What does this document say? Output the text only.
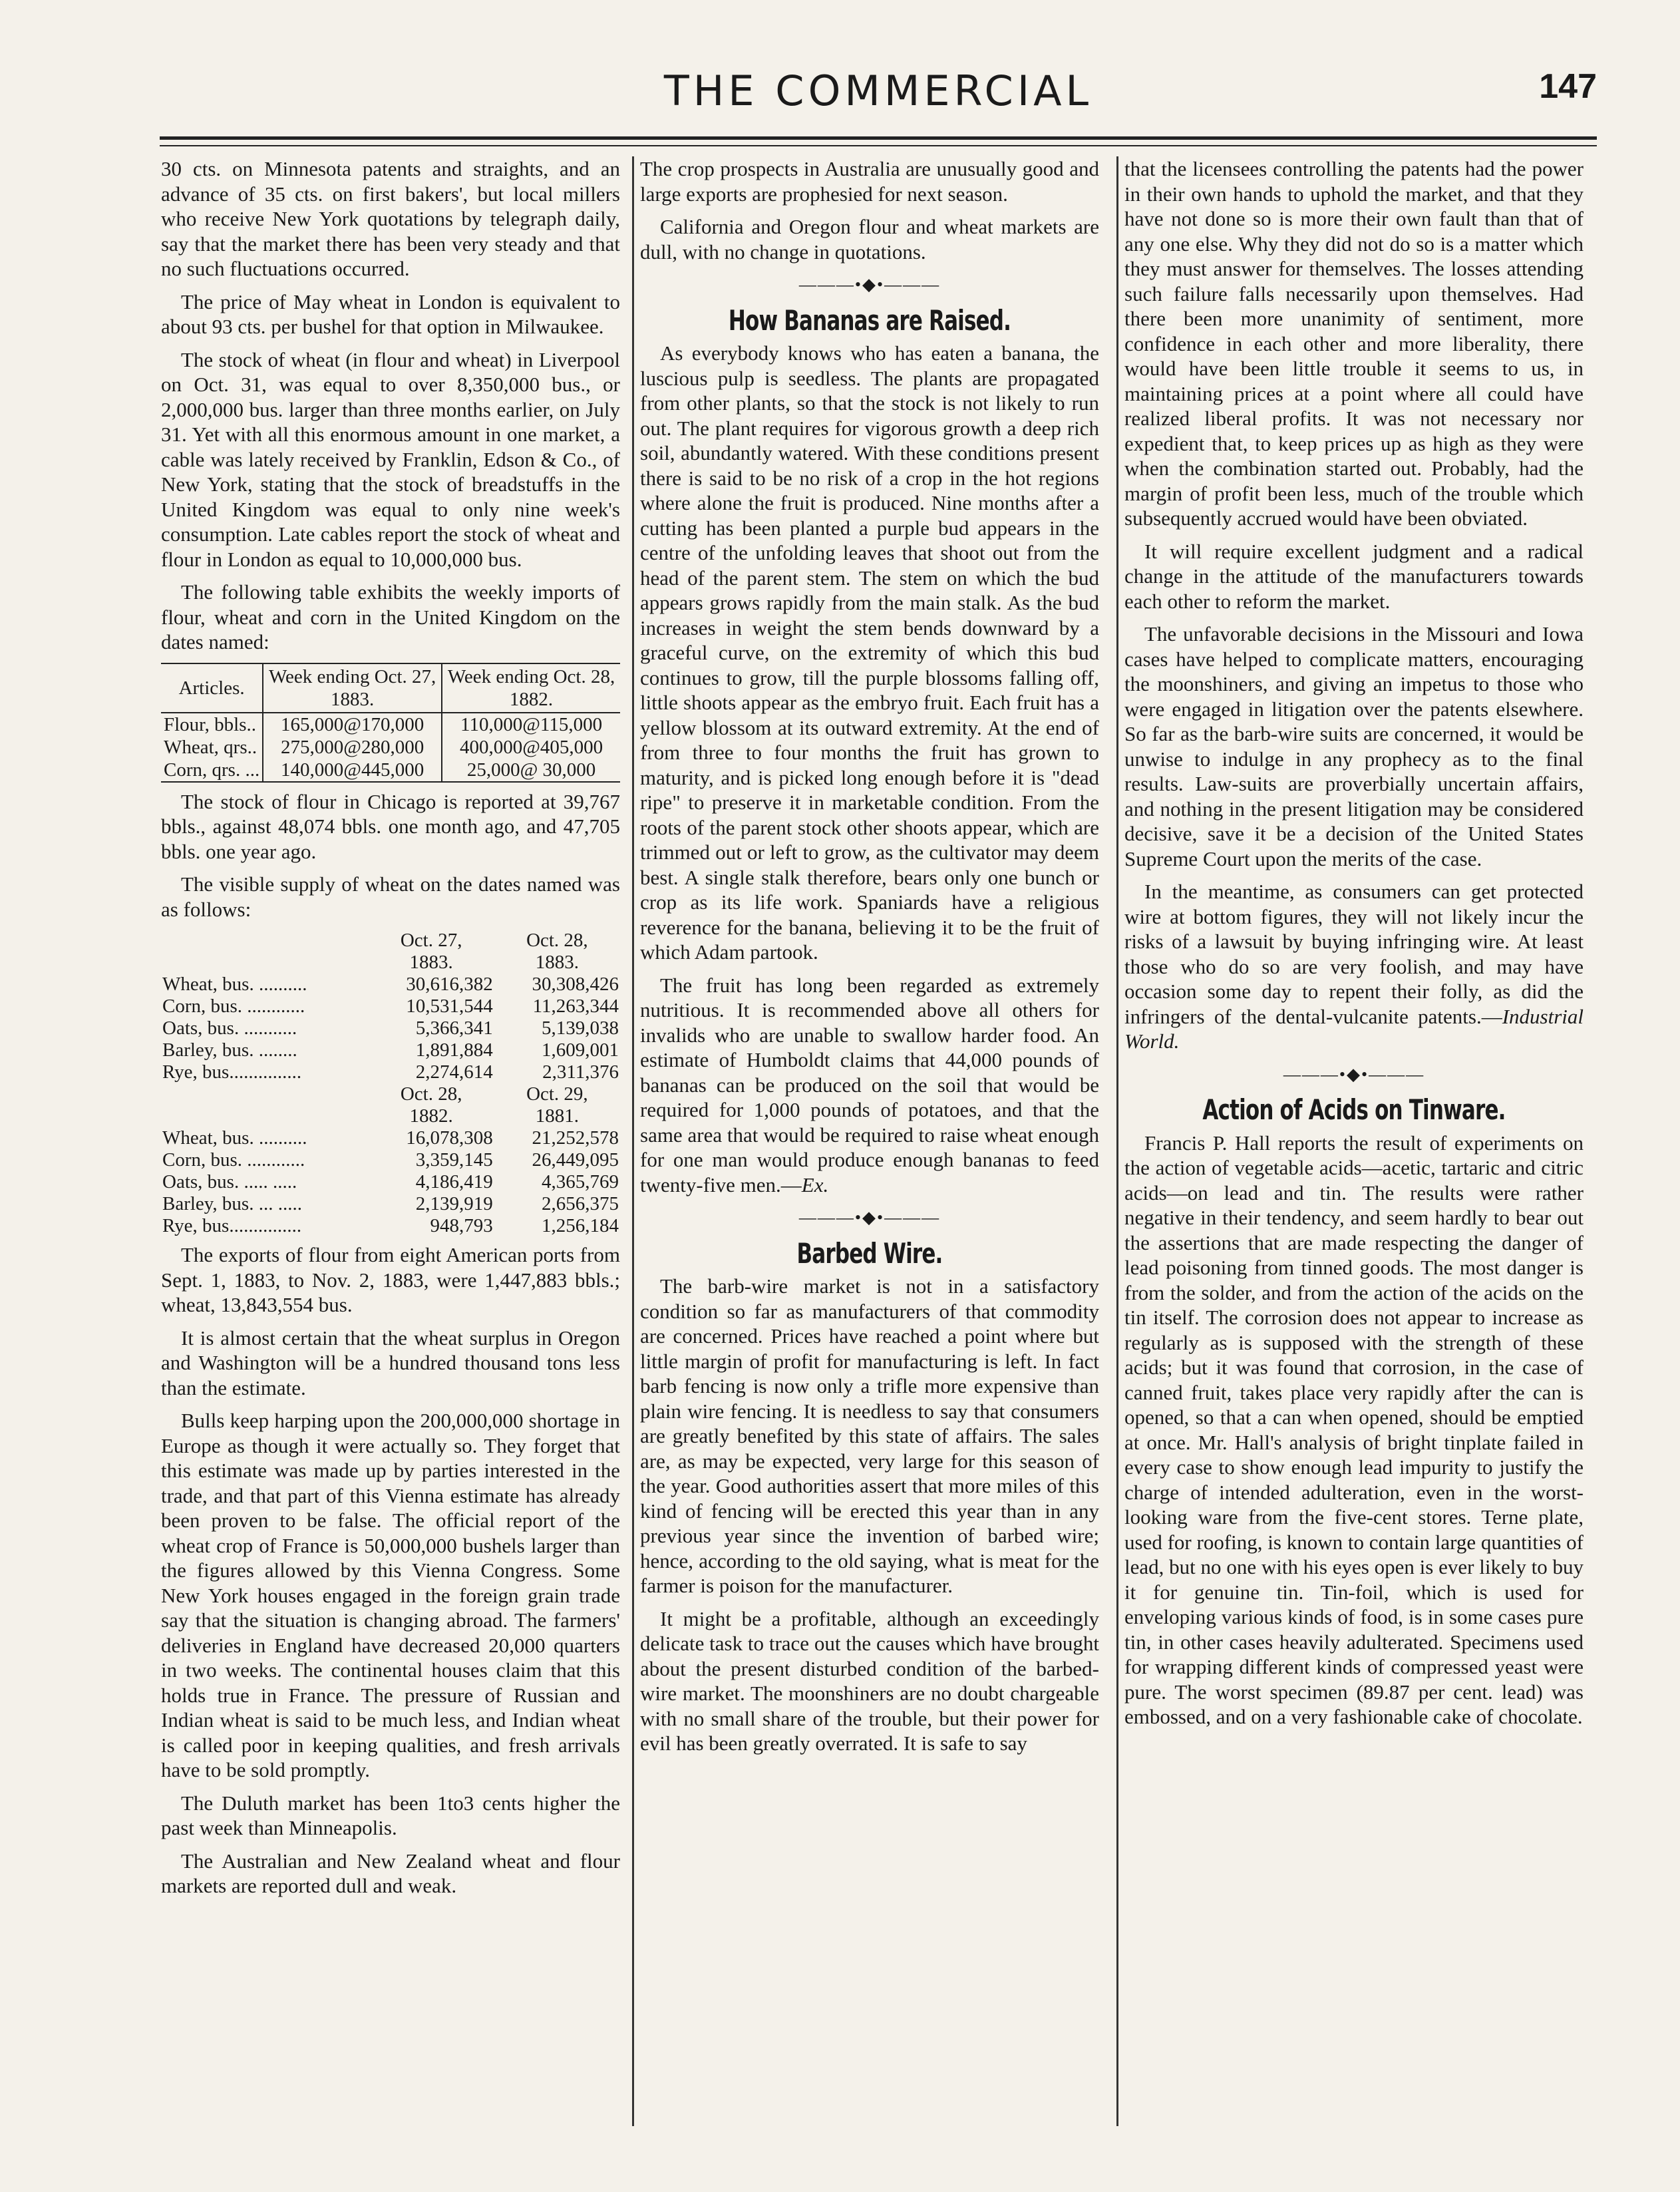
THE COMMERCIAL	147

30 cts. on Minnesota patents and straights, and an advance of 35 cts. on first bakers', but local millers who receive New York quotations by telegraph daily, say that the market there has been very steady and that no such fluctuations occurred.

The price of May wheat in London is equivalent to about 93 cts. per bushel for that option in Milwaukee.

The stock of wheat (in flour and wheat) in Liverpool on Oct. 31, was equal to over 8,350,000 bus., or 2,000,000 bus. larger than three months earlier, on July 31. Yet with all this enormous amount in one market, a cable was lately received by Franklin, Edson & Co., of New York, stating that the stock of breadstuffs in the United Kingdom was equal to only nine week's consumption. Late cables report the stock of wheat and flour in London as equal to 10,000,000 bus.

The following table exhibits the weekly imports of flour, wheat and corn in the United Kingdom on the dates named:

Articles.	Week ending Oct. 27, 1883.	Week ending Oct. 28, 1882.
Flour, bbls..	165,000@170,000	110,000@115,000
Wheat, qrs..	275,000@280,000	400,000@405,000
Corn, qrs. ...	140,000@445,000	25,000@ 30,000

The stock of flour in Chicago is reported at 39,767 bbls., against 48,074 bbls. one month ago, and 47,705 bbls. one year ago.

The visible supply of wheat on the dates named was as follows:

	Oct. 27,	Oct. 28,
	1883.	1883.
Wheat, bus. ..........	30,616,382	30,308,426
Corn, bus. ............	10,531,544	11,263,344
Oats, bus. ...........	5,366,341	5,139,038
Barley, bus. ........	1,891,884	1,609,001
Rye, bus...............	2,274,614	2,311,376
	Oct. 28,	Oct. 29,
	1882.	1881.
Wheat, bus. ..........	16,078,308	21,252,578
Corn, bus. ............	3,359,145	26,449,095
Oats, bus. ..... .....	4,186,419	4,365,769
Barley, bus. ... .....	2,139,919	2,656,375
Rye, bus...............	948,793	1,256,184

The exports of flour from eight American ports from Sept. 1, 1883, to Nov. 2, 1883, were 1,447,883 bbls.; wheat, 13,843,554 bus.

It is almost certain that the wheat surplus in Oregon and Washington will be a hundred thousand tons less than the estimate.

Bulls keep harping upon the 200,000,000 shortage in Europe as though it were actually so. They forget that this estimate was made up by parties interested in the trade, and that part of this Vienna estimate has already been proven to be false. The official report of the wheat crop of France is 50,000,000 bushels larger than the figures allowed by this Vienna Congress. Some New York houses engaged in the foreign grain trade say that the situation is changing abroad. The farmers' deliveries in England have decreased 20,000 quarters in two weeks. The continental houses claim that this holds true in France. The pressure of Russian and Indian wheat is said to be much less, and Indian wheat is called poor in keeping qualities, and fresh arrivals have to be sold promptly.

The Duluth market has been 1to3 cents higher the past week than Minneapolis.

The Australian and New Zealand wheat and flour markets are reported dull and weak.

The crop prospects in Australia are unusually good and large exports are prophesied for next season.

California and Oregon flour and wheat markets are dull, with no change in quotations.

———•◆•———
How Bananas are Raised.

As everybody knows who has eaten a banana, the luscious pulp is seedless. The plants are propagated from other plants, so that the stock is not likely to run out. The plant requires for vigorous growth a deep rich soil, abundantly watered. With these conditions present there is said to be no risk of a crop in the hot regions where alone the fruit is produced. Nine months after a cutting has been planted a purple bud appears in the centre of the unfolding leaves that shoot out from the head of the parent stem. The stem on which the bud appears grows rapidly from the main stalk. As the bud increases in weight the stem bends downward by a graceful curve, on the extremity of which this bud continues to grow, till the purple blossoms falling off, little shoots appear as the embryo fruit. Each fruit has a yellow blossom at its outward extremity. At the end of from three to four months the fruit has grown to maturity, and is picked long enough before it is "dead ripe" to preserve it in marketable condition. From the roots of the parent stock other shoots appear, which are trimmed out or left to grow, as the cultivator may deem best. A single stalk therefore, bears only one bunch or crop as its life work. Spaniards have a religious reverence for the banana, believing it to be the fruit of which Adam partook.

The fruit has long been regarded as extremely nutritious. It is recommended above all others for invalids who are unable to swallow harder food. An estimate of Humboldt claims that 44,000 pounds of bananas can be produced on the soil that would be required for 1,000 pounds of potatoes, and that the same area that would be required to raise wheat enough for one man would produce enough bananas to feed twenty-five men.—Ex.

———•◆•———
Barbed Wire.

The barb-wire market is not in a satisfactory condition so far as manufacturers of that commodity are concerned. Prices have reached a point where but little margin of profit for manufacturing is left. In fact barb fencing is now only a trifle more expensive than plain wire fencing. It is needless to say that consumers are greatly benefited by this state of affairs. The sales are, as may be expected, very large for this season of the year. Good authorities assert that more miles of this kind of fencing will be erected this year than in any previous year since the invention of barbed wire; hence, according to the old saying, what is meat for the farmer is poison for the manufacturer.

It might be a profitable, although an exceedingly delicate task to trace out the causes which have brought about the present disturbed condition of the barbed-wire market. The moonshiners are no doubt chargeable with no small share of the trouble, but their power for evil has been greatly overrated. It is safe to say

that the licensees controlling the patents had the power in their own hands to uphold the market, and that they have not done so is more their own fault than that of any one else. Why they did not do so is a matter which they must answer for themselves. The losses attending such failure falls necessarily upon themselves. Had there been more unanimity of sentiment, more confidence in each other and more liberality, there would have been little trouble it seems to us, in maintaining prices at a point where all could have realized liberal profits. It was not necessary nor expedient that, to keep prices up as high as they were when the combination started out. Probably, had the margin of profit been less, much of the trouble which subsequently accrued would have been obviated.

It will require excellent judgment and a radical change in the attitude of the manufacturers towards each other to reform the market.

The unfavorable decisions in the Missouri and Iowa cases have helped to complicate matters, encouraging the moonshiners, and giving an impetus to those who were engaged in litigation over the patents elsewhere. So far as the barb-wire suits are concerned, it would be unwise to indulge in any prophecy as to the final results. Law-suits are proverbially uncertain affairs, and nothing in the present litigation may be considered decisive, save it be a decision of the United States Supreme Court upon the merits of the case.

In the meantime, as consumers can get protected wire at bottom figures, they will not likely incur the risks of a lawsuit by buying infringing wire. At least those who do so are very foolish, and may have occasion some day to repent their folly, as did the infringers of the dental-vulcanite patents.—Industrial World.

———•◆•———
Action of Acids on Tinware.

Francis P. Hall reports the result of experiments on the action of vegetable acids—acetic, tartaric and citric acids—on lead and tin. The results were rather negative in their tendency, and seem hardly to bear out the assertions that are made respecting the danger of lead poisoning from tinned goods. The most danger is from the solder, and from the action of the acids on the tin itself. The corrosion does not appear to increase as regularly as is supposed with the strength of these acids; but it was found that corrosion, in the case of canned fruit, takes place very rapidly after the can is opened, so that a can when opened, should be emptied at once. Mr. Hall's analysis of bright tinplate failed in every case to show enough lead impurity to justify the charge of intended adulteration, even in the worst-looking ware from the five-cent stores. Terne plate, used for roofing, is known to contain large quantities of lead, but no one with his eyes open is ever likely to buy it for genuine tin. Tin-foil, which is used for enveloping various kinds of food, is in some cases pure tin, in other cases heavily adulterated. Specimens used for wrapping different kinds of compressed yeast were pure. The worst specimen (89.87 per cent. lead) was embossed, and on a very fashionable cake of chocolate.
